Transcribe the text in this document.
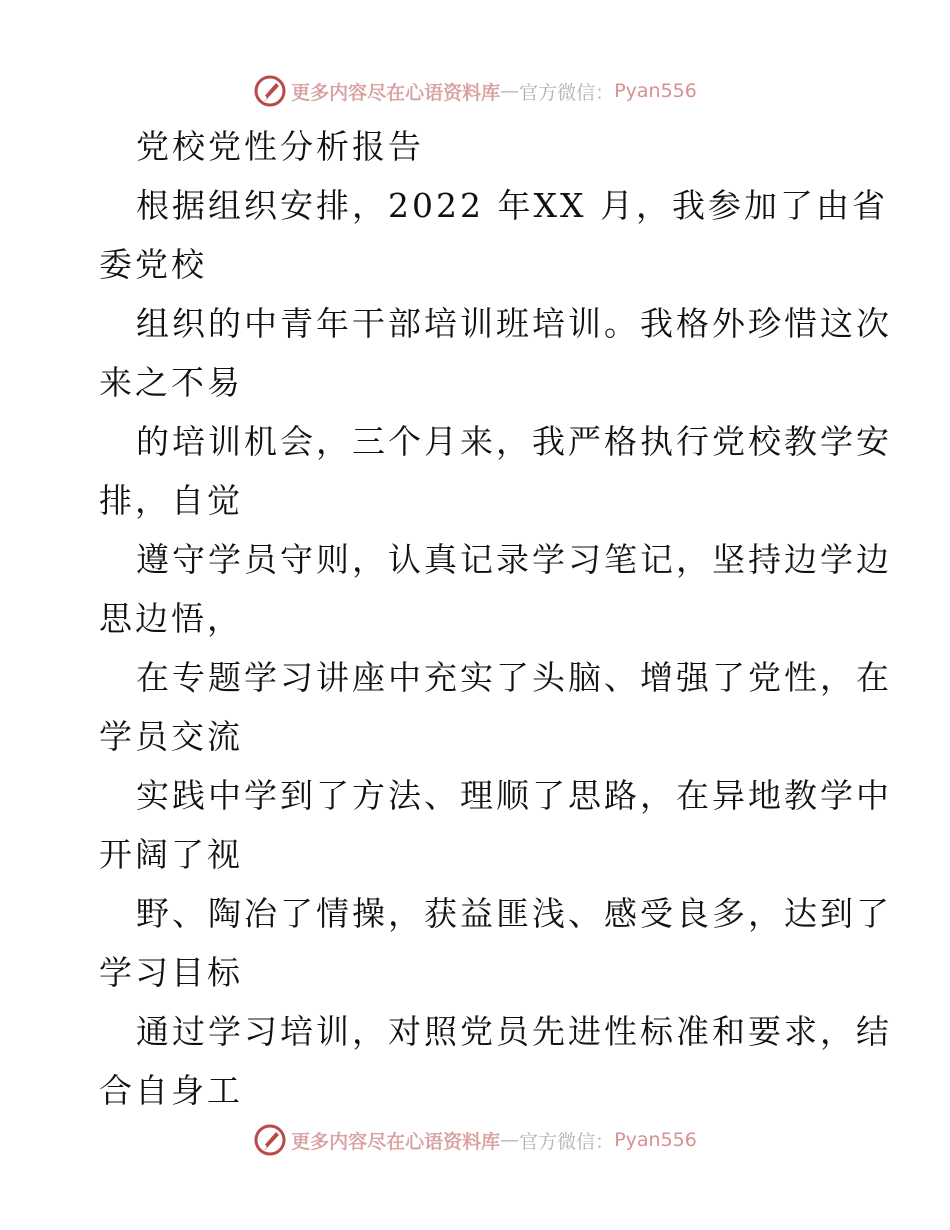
更多内容尽在心语资料库 — 官方微信： Pyan556
党校党性分析报告
根据组织安排，2022 年XX 月，我参加了由省
委党校
组织的中青年干部培训班培训。我格外珍惜这次
来之不易
的培训机会，三个月来，我严格执行党校教学安
排，自觉
遵守学员守则，认真记录学习笔记，坚持边学边
思边悟，
在专题学习讲座中充实了头脑、增强了党性，在
学员交流
实践中学到了方法、理顺了思路，在异地教学中
开阔了视
野、陶冶了情操，获益匪浅、感受良多，达到了
学习目标
通过学习培训，对照党员先进性标准和要求，结
合自身工
更多内容尽在心语资料库 — 官方微信： Pyan556
